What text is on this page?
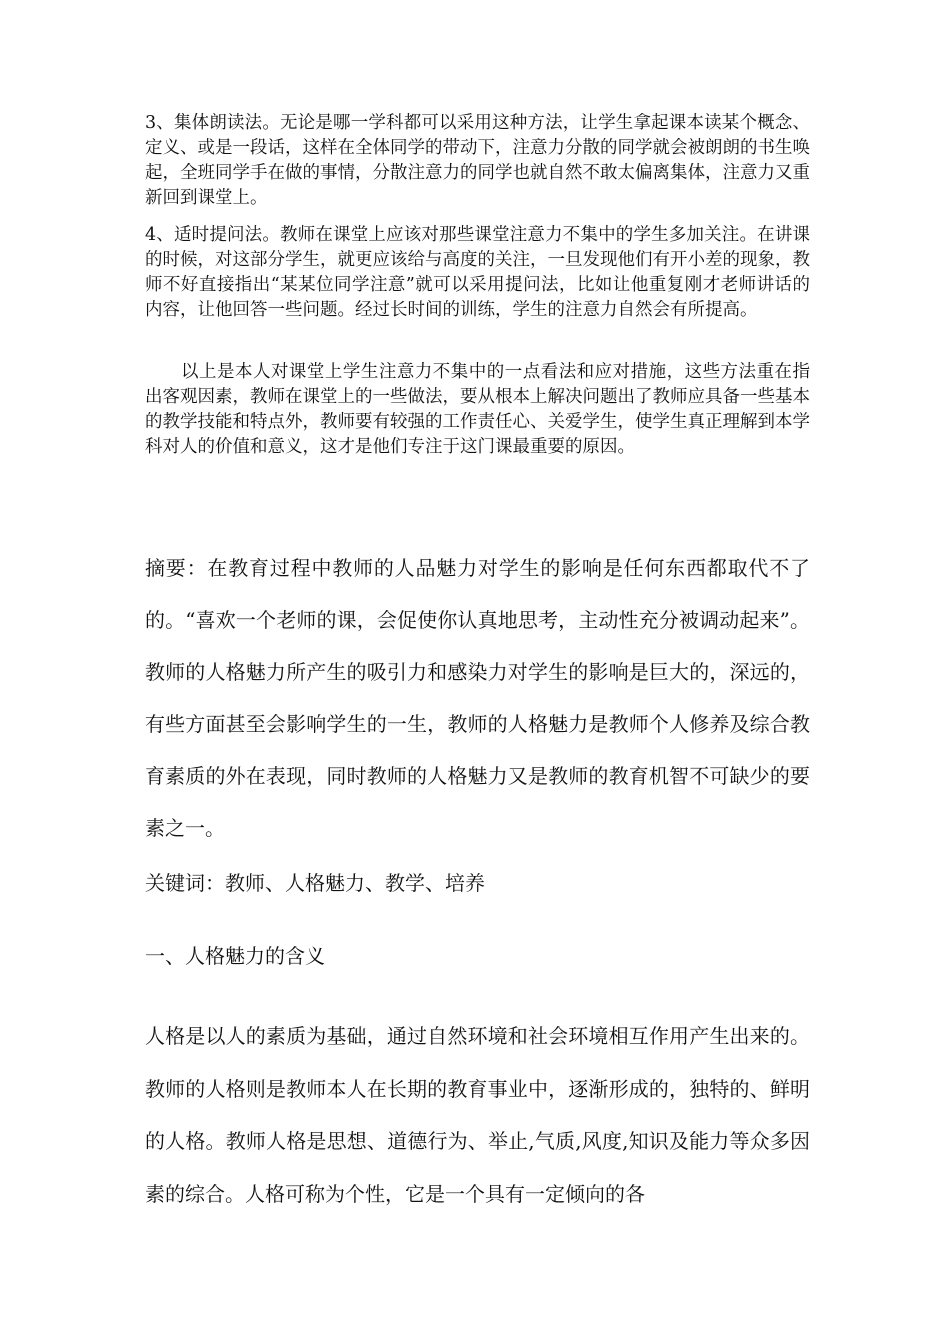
3、集体朗读法。无论是哪一学科都可以采用这种方法，让学生拿起课本读某个概念、定义、或是一段话，这样在全体同学的带动下，注意力分散的同学就会被朗朗的书生唤起，全班同学手在做的事情，分散注意力的同学也就自然不敢太偏离集体，注意力又重新回到课堂上。

4、适时提问法。教师在课堂上应该对那些课堂注意力不集中的学生多加关注。在讲课的时候，对这部分学生，就更应该给与高度的关注，一旦发现他们有开小差的现象，教师不好直接指出“某某位同学注意”就可以采用提问法，比如让他重复刚才老师讲话的内容，让他回答一些问题。经过长时间的训练，学生的注意力自然会有所提高。

以上是本人对课堂上学生注意力不集中的一点看法和应对措施，这些方法重在指出客观因素，教师在课堂上的一些做法，要从根本上解决问题出了教师应具备一些基本的教学技能和特点外，教师要有较强的工作责任心、关爱学生，使学生真正理解到本学科对人的价值和意义，这才是他们专注于这门课最重要的原因。

摘要：在教育过程中教师的人品魅力对学生的影响是任何东西都取代不了的。“喜欢一个老师的课，会促使你认真地思考，主动性充分被调动起来”。教师的人格魅力所产生的吸引力和感染力对学生的影响是巨大的，深远的，有些方面甚至会影响学生的一生，教师的人格魅力是教师个人修养及综合教育素质的外在表现，同时教师的人格魅力又是教师的教育机智不可缺少的要素之一。

关键词：教师、人格魅力、教学、培养

一、人格魅力的含义

人格是以人的素质为基础，通过自然环境和社会环境相互作用产生出来的。教师的人格则是教师本人在长期的教育事业中，逐渐形成的，独特的、鲜明的人格。教师人格是思想、道德行为、举止,气质,风度,知识及能力等众多因素的综合。人格可称为个性，它是一个具有一定倾向的各
